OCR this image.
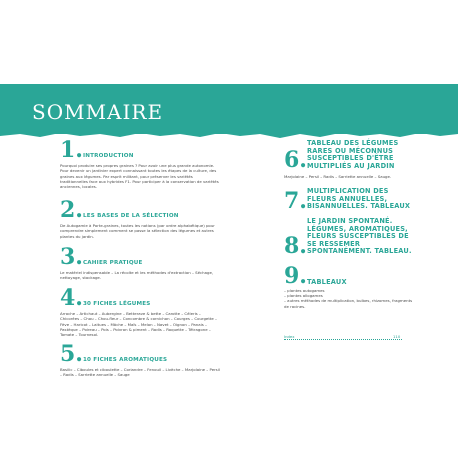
SOMMAIRE
1. INTRODUCTION
Pourquoi produire ses propres graines ? Pour avoir une plus grande autonomie. Pour devenir un jardinier expert connaissant toutes les étapes de la culture, des graines aux légumes. Par esprit militant, pour préserver les variétés traditionnelles face aux hybrides F1. Pour participer à la conservation de variétés anciennes, locales.
2. LES BASES DE LA SÉLECTION
De Autogamie à Porte-graines, toutes les notions (par ordre alphabétique) pour comprendre simplement comment se passe la sélection des légumes et autres plantes du jardin.
3. CAHIER PRATIQUE
Le matériel indispensable – La récolte et les méthodes d'extraction – Séchage, nettoyage, stockage.
4. 30 FICHES LÉGUMES
Arroche – Artichaut – Aubergine – Betterave & bette – Carotte – Céleris – Chicorées – Chou – Chou-fleur – Concombre & cornichon – Courges – Courgette – Fève – Haricot – Laitues – Mâche – Maïs – Melon – Navet – Oignon – Panais – Pastèque – Poireau – Pois – Poivron & piment – Radis – Roquette – Tétragone – Tomate – Tournesol.
5. 10 FICHES AROMATIQUES
Basilic – Ciboules et ciboulette – Coriandre – Fenouil – Livèche – Marjolaine – Persil – Radis – Sarriette annuelle – Sauge
6.
TABLEAU DES LÉGUMES RARES OU MÉCONNUS SUSCEPTIBLES D'ÊTRE MULTIPLIÉS AU JARDIN
Marjolaine – Persil – Radis – Sarriette annuelle – Sauge.
7. MULTIPLICATION DES FLEURS ANNUELLES, BISANNUELLES. TABLEAUX
8.
LE JARDIN SPONTANÉ. LÉGUMES, AROMATIQUES, FLEURS SUSCEPTIBLES DE SE RESSEMER SPONTANÉMENT. TABLEAU.
9. TABLEAUX
– plantes autogames
– plantes allogames
– autres méthodes de multiplication, bulbes, rhizomes, fragments de racines.
Index	110
